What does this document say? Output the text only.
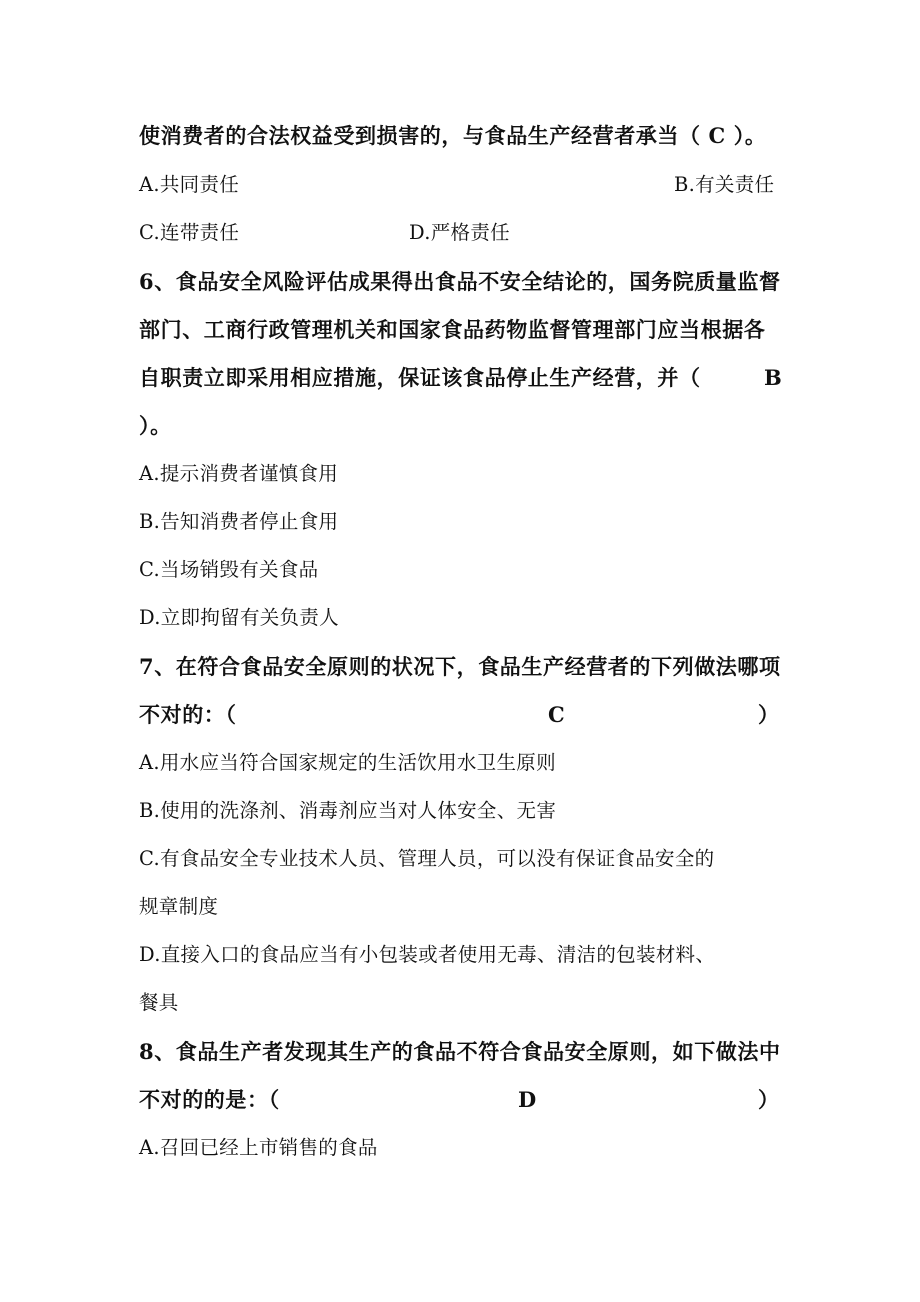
使消费者的合法权益受到损害的，与食品生产经营者承当（ C ）。
A.共同责任	B.有关责任
C.连带责任	D.严格责任
6、食品安全风险评估成果得出食品不安全结论的，国务院质量监督
部门、工商行政管理机关和国家食品药物监督管理部门应当根据各
自职责立即采用相应措施，保证该食品停止生产经营，并（	B
）。
A.提示消费者谨慎食用
B.告知消费者停止食用
C.当场销毁有关食品
D.立即拘留有关负责人
7、在符合食品安全原则的状况下，食品生产经营者的下列做法哪项
不对的：（	C	）
A.用水应当符合国家规定的生活饮用水卫生原则
B.使用的洗涤剂、消毒剂应当对人体安全、无害
C.有食品安全专业技术人员、管理人员，可以没有保证食品安全的
规章制度
D.直接入口的食品应当有小包装或者使用无毒、清洁的包装材料、
餐具
8、食品生产者发现其生产的食品不符合食品安全原则，如下做法中
不对的的是：（	D	）
A.召回已经上市销售的食品
